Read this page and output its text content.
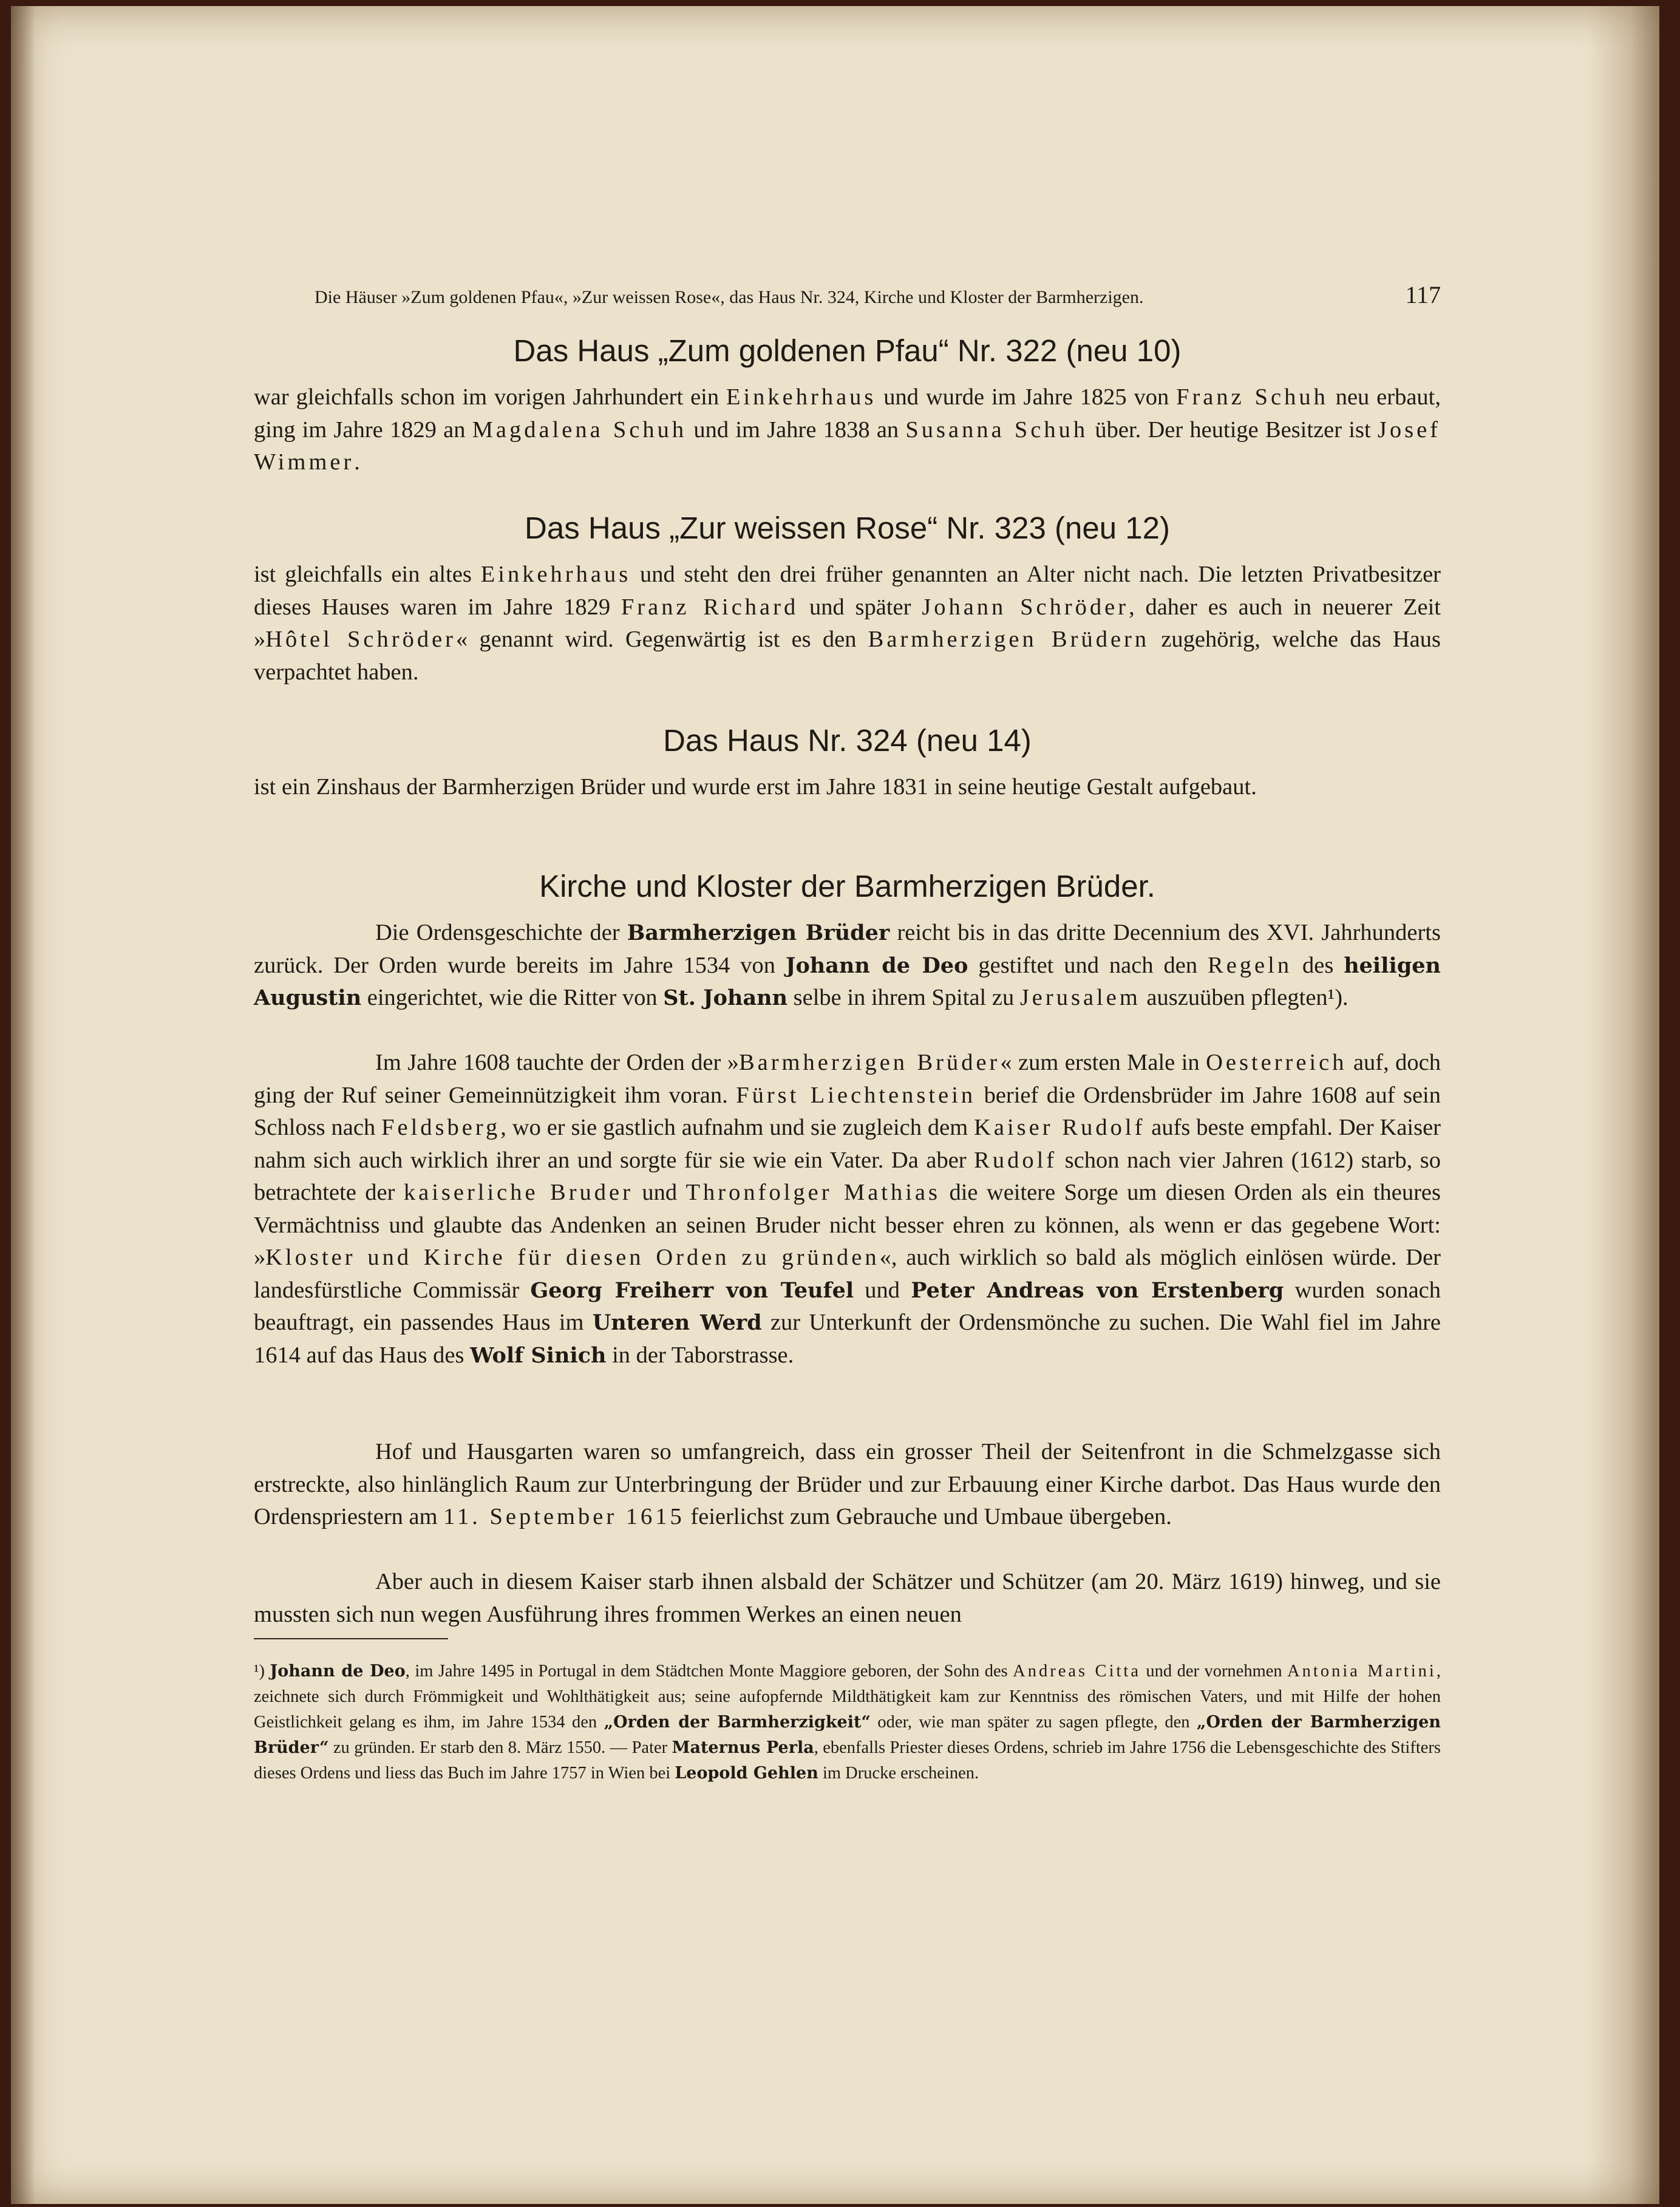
Die Häuser »Zum goldenen Pfau«, »Zur weissen Rose«, das Haus Nr. 324, Kirche und Kloster der Barmherzigen.	117
Das Haus „Zum goldenen Pfau“ Nr. 322 (neu 10)

war gleichfalls schon im vorigen Jahrhundert ein Einkehrhaus und wurde im Jahre 1825 von Franz Schuh neu erbaut, ging im Jahre 1829 an Magdalena Schuh und im Jahre 1838 an Susanna Schuh über. Der heutige Besitzer ist Josef Wimmer.

Das Haus „Zur weissen Rose“ Nr. 323 (neu 12)

ist gleichfalls ein altes Einkehrhaus und steht den drei früher genannten an Alter nicht nach. Die letzten Privatbesitzer dieses Hauses waren im Jahre 1829 Franz Richard und später Johann Schröder, daher es auch in neuerer Zeit »Hôtel Schröder« genannt wird. Gegenwärtig ist es den Barmherzigen Brüdern zugehörig, welche das Haus verpachtet haben.

Das Haus Nr. 324 (neu 14)

ist ein Zinshaus der Barmherzigen Brüder und wurde erst im Jahre 1831 in seine heutige Gestalt aufgebaut.

Kirche und Kloster der Barmherzigen Brüder.

Die Ordensgeschichte der Barmherzigen Brüder reicht bis in das dritte Decennium des XVI. Jahrhunderts zurück. Der Orden wurde bereits im Jahre 1534 von Johann de Deo gestiftet und nach den Regeln des heiligen Augustin eingerichtet, wie die Ritter von St. Johann selbe in ihrem Spital zu Jerusalem auszuüben pflegten¹).

Im Jahre 1608 tauchte der Orden der »Barmherzigen Brüder« zum ersten Male in Oesterreich auf, doch ging der Ruf seiner Gemeinnützigkeit ihm voran. Fürst Liechtenstein berief die Ordensbrüder im Jahre 1608 auf sein Schloss nach Feldsberg, wo er sie gastlich aufnahm und sie zugleich dem Kaiser Rudolf aufs beste empfahl. Der Kaiser nahm sich auch wirklich ihrer an und sorgte für sie wie ein Vater. Da aber Rudolf schon nach vier Jahren (1612) starb, so betrachtete der kaiserliche Bruder und Thronfolger Mathias die weitere Sorge um diesen Orden als ein theures Vermächtniss und glaubte das Andenken an seinen Bruder nicht besser ehren zu können, als wenn er das gegebene Wort: »Kloster und Kirche für diesen Orden zu gründen«, auch wirklich so bald als möglich einlösen würde. Der landesfürstliche Commissär Georg Freiherr von Teufel und Peter Andreas von Erstenberg wurden sonach beauftragt, ein passendes Haus im Unteren Werd zur Unterkunft der Ordensmönche zu suchen. Die Wahl fiel im Jahre 1614 auf das Haus des Wolf Sinich in der Taborstrasse.

Hof und Hausgarten waren so umfangreich, dass ein grosser Theil der Seitenfront in die Schmelzgasse sich erstreckte, also hinlänglich Raum zur Unterbringung der Brüder und zur Erbauung einer Kirche darbot. Das Haus wurde den Ordenspriestern am 11. September 1615 feierlichst zum Gebrauche und Umbaue übergeben.

Aber auch in diesem Kaiser starb ihnen alsbald der Schätzer und Schützer (am 20. März 1619) hinweg, und sie mussten sich nun wegen Ausführung ihres frommen Werkes an einen neuen

¹) Johann de Deo, im Jahre 1495 in Portugal in dem Städtchen Monte Maggiore geboren, der Sohn des Andreas Citta und der vornehmen Antonia Martini, zeichnete sich durch Frömmigkeit und Wohlthätigkeit aus; seine aufopfernde Mildthätigkeit kam zur Kenntniss des römischen Vaters, und mit Hilfe der hohen Geistlichkeit gelang es ihm, im Jahre 1534 den „Orden der Barmherzigkeit“ oder, wie man später zu sagen pflegte, den „Orden der Barmherzigen Brüder“ zu gründen. Er starb den 8. März 1550. — Pater Maternus Perla, ebenfalls Priester dieses Ordens, schrieb im Jahre 1756 die Lebensgeschichte des Stifters dieses Ordens und liess das Buch im Jahre 1757 in Wien bei Leopold Gehlen im Drucke erscheinen.
